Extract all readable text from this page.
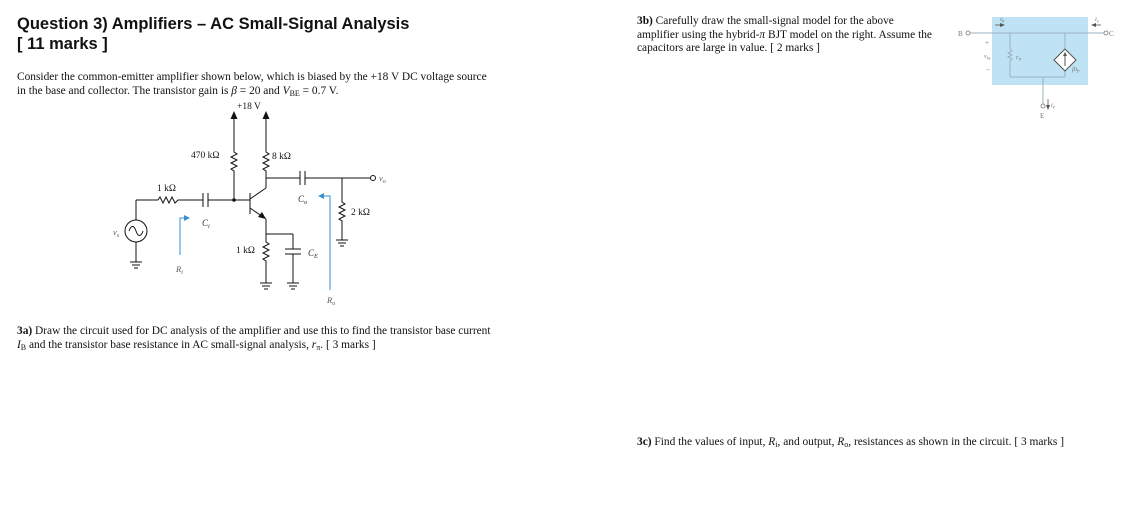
Question 3) Amplifiers – AC Small-Signal Analysis
[ 11 marks ]
Consider the common-emitter amplifier shown below, which is biased by the +18 V DC voltage source in the base and collector. The transistor gain is β = 20 and $V_{BE} = 0.7$ V.
+18 V
470 kΩ	8 kΩ
1 kΩ
1 kΩ
2 kΩ
$C_i$
$C_o$
$C_E$
$v_s$
$v_o$
$R_i$
$R_o$
3a) Draw the circuit used for DC analysis of the amplifier and use this to find the transistor base current $I_B$ and the transistor base resistance in AC small-signal analysis, $r_\pi$. [ 3 marks ]
3b) Carefully draw the small-signal model for the above amplifier using the hybrid-π BJT model on the right. Assume the capacitors are large in value. [ 2 marks ]
B	C
E
$i_b$	$i_c$
$i_e$
+
$v_{be}$
−
$r_\pi$
$\beta i_b$
3c) Find the values of input, $R_i$, and output, $R_o$, resistances as shown in the circuit. [ 3 marks ]
